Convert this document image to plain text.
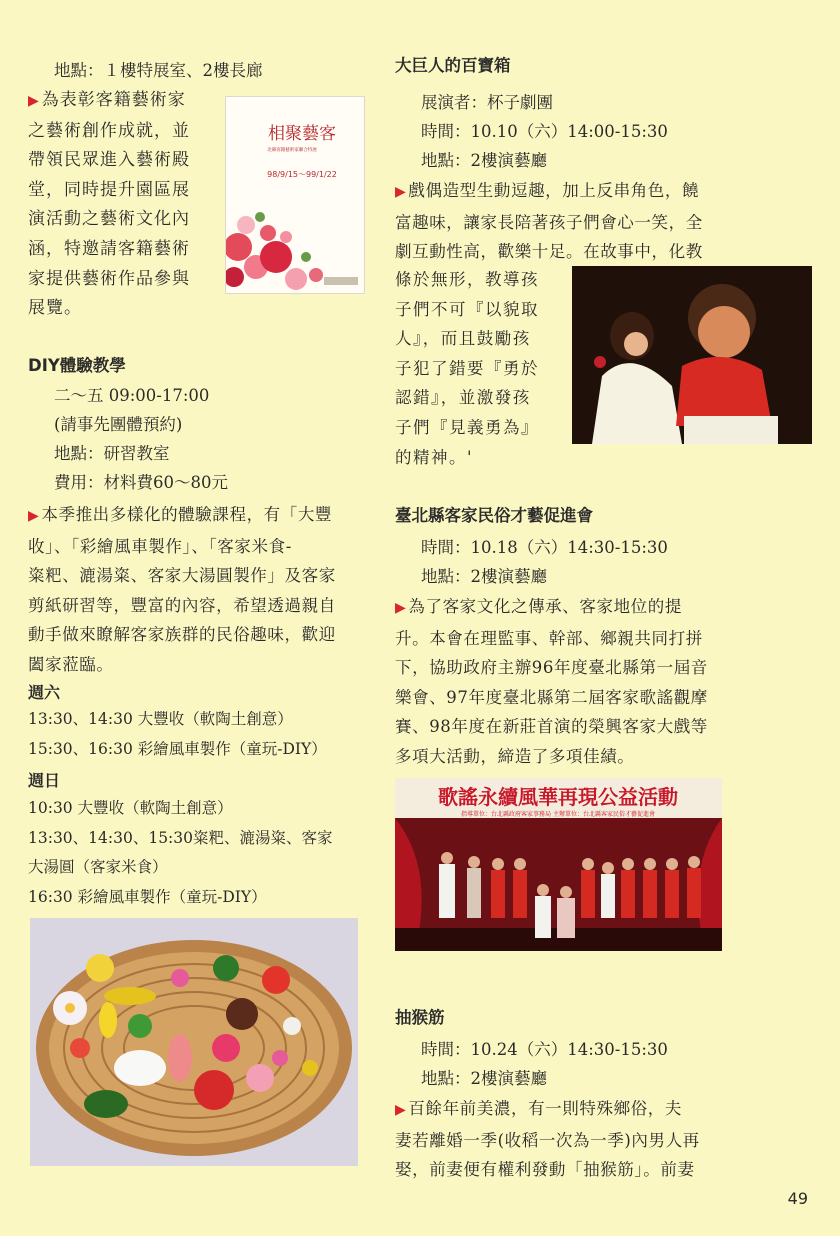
地點：１樓特展室、2樓長廊
▶ 為表彰客籍藝術家
之藝術創作成就，並
帶領民眾進入藝術殿
堂，同時提升園區展
演活動之藝術文化內
涵，特邀請客籍藝術
家提供藝術作品參與
展覽。
相聚藝客
北縣客籍藝術家聯合特展
98/9/15～99/1/22
DIY體驗教學
二～五 09:00-17:00
(請事先團體預約)
地點：研習教室
費用：材料費60～80元
▶ 本季推出多樣化的體驗課程，有「大豐
收」、「彩繪風車製作」、「客家米食-
粢粑、漉湯粢、客家大湯圓製作」及客家
剪紙研習等，豐富的內容，希望透過親自
動手做來瞭解客家族群的民俗趣味，歡迎
闔家蒞臨。
週六
13:30、14:30 大豐收（軟陶土創意）
15:30、16:30 彩繪風車製作（童玩-DIY）
週日
10:30 大豐收（軟陶土創意）
13:30、14:30、15:30粢粑、漉湯粢、客家
大湯圓（客家米食）
16:30 彩繪風車製作（童玩-DIY）
大巨人的百寶箱
展演者：杯子劇團
時間：10.10（六）14:00-15:30
地點：2樓演藝廳
▶ 戲偶造型生動逗趣，加上反串角色，饒
富趣味，讓家長陪著孩子們會心一笑，全
劇互動性高，歡樂十足。在故事中，化教
條於無形，教導孩
子們不可『以貌取
人』，而且鼓勵孩
子犯了錯要『勇於
認錯』，並激發孩
子們『見義勇為』
的精神。'
臺北縣客家民俗才藝促進會
時間：10.18（六）14:30-15:30
地點：2樓演藝廳
▶ 為了客家文化之傳承、客家地位的提
升。本會在理監事、幹部、鄉親共同打拼
下，協助政府主辦96年度臺北縣第一屆音
樂會、97年度臺北縣第二屆客家歌謠觀摩
賽、98年度在新莊首演的榮興客家大戲等
多項大活動，締造了多項佳績。
歌謠永續風華再現公益活動
指導單位：台北縣政府客家事務局 主辦單位：台北縣客家民俗才藝促進會
抽猴筋
時間：10.24（六）14:30-15:30
地點：2樓演藝廳
▶ 百餘年前美濃，有一則特殊鄉俗，夫
妻若離婚一季(收稻一次為一季)內男人再
娶，前妻便有權利發動「抽猴筋」。前妻
49
